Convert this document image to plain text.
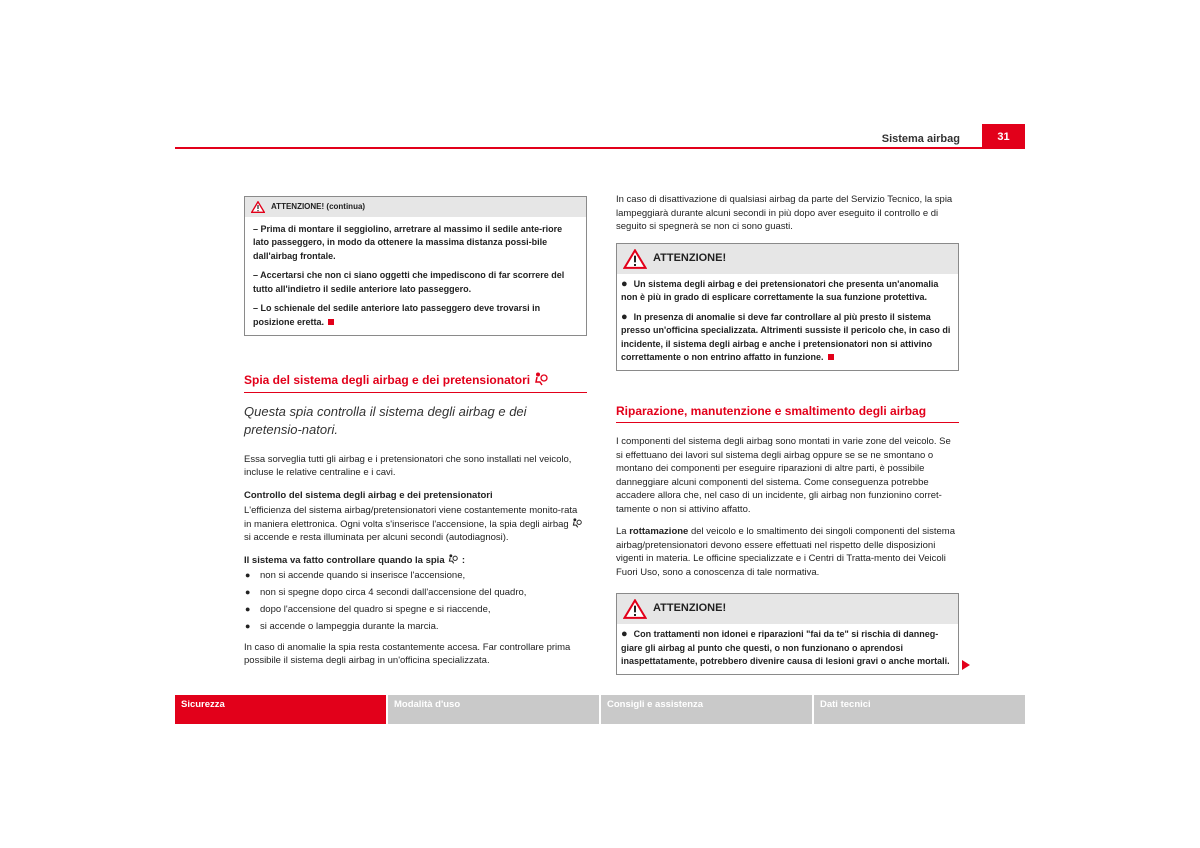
Sistema airbag	31
ATTENZIONE! (continua)

– Prima di montare il seggiolino, arretrare al massimo il sedile ante-riore lato passeggero, in modo da ottenere la massima distanza possi-bile dall'airbag frontale.

– Accertarsi che non ci siano oggetti che impediscono di far scorrere del tutto all'indietro il sedile anteriore lato passeggero.

– Lo schienale del sedile anteriore lato passeggero deve trovarsi in posizione eretta.

Spia del sistema degli airbag e dei pretensionatori
Questa spia controlla il sistema degli airbag e dei pretensio-natori.

Essa sorveglia tutti gli airbag e i pretensionatori che sono installati nel veicolo, incluse le relative centraline e i cavi.

Controllo del sistema degli airbag e dei pretensionatori

L'efficienza del sistema airbag/pretensionatori viene costantemente monito-rata in maniera elettronica. Ogni volta s'inserisce l'accensione, la spia degli airbag  si accende e resta illuminata per alcuni secondi (autodiagnosi).

Il sistema va fatto controllare quando la spia :

● non si accende quando si inserisce l'accensione,
● non si spegne dopo circa 4 secondi dall'accensione del quadro,
● dopo l'accensione del quadro si spegne e si riaccende,
● si accende o lampeggia durante la marcia.

In caso di anomalie la spia resta costantemente accesa. Far controllare prima possibile il sistema degli airbag in un'officina specializzata.

In caso di disattivazione di qualsiasi airbag da parte del Servizio Tecnico, la spia lampeggiarà durante alcuni secondi in più dopo aver eseguito il controllo e di seguito si spegnerà se non ci sono guasti.

ATTENZIONE!

● Un sistema degli airbag e dei pretensionatori che presenta un'anomalia non è più in grado di esplicare correttamente la sua funzione protettiva.

● In presenza di anomalie si deve far controllare al più presto il sistema presso un'officina specializzata. Altrimenti sussiste il pericolo che, in caso di incidente, il sistema degli airbag e anche i pretensionatori non si attivino correttamente o non entrino affatto in funzione.

Riparazione, manutenzione e smaltimento degli airbag

I componenti del sistema degli airbag sono montati in varie zone del veicolo. Se si effettuano dei lavori sul sistema degli airbag oppure se se ne smontano o montano dei componenti per eseguire riparazioni di altre parti, è possibile danneggiare alcuni componenti del sistema. Come conseguenza potrebbe accadere allora che, nel caso di un incidente, gli airbag non funzionino corret-tamente o non si attivino affatto.

La rottamazione del veicolo e lo smaltimento dei singoli componenti del sistema airbag/pretensionatori devono essere effettuati nel rispetto delle disposizioni vigenti in materia. Le officine specializzate e i Centri di Tratta-mento dei Veicoli Fuori Uso, sono a conoscenza di tale normativa.

ATTENZIONE!

● Con trattamenti non idonei e riparazioni "fai da te" si rischia di danneg-giare gli airbag al punto che questi, o non funzionano o aprendosi inaspettatamente, potrebbero divenire causa di lesioni gravi o anche mortali.

Sicurezza	Modalità d'uso	Consigli e assistenza	Dati tecnici
